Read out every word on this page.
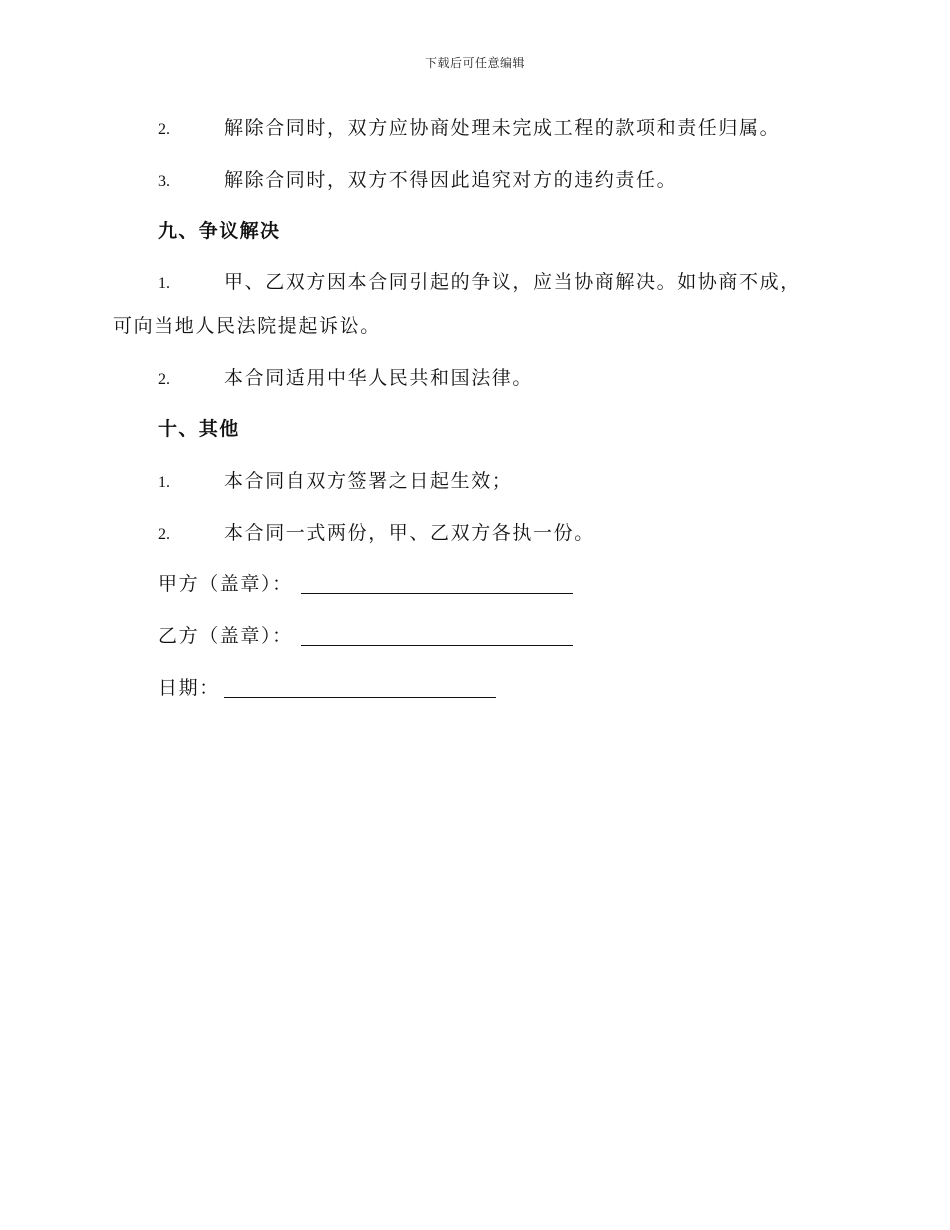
下载后可任意编辑
2.	解除合同时，双方应协商处理未完成工程的款项和责任归属。
3.	解除合同时，双方不得因此追究对方的违约责任。
九、争议解决
1.	甲、乙双方因本合同引起的争议，应当协商解决。如协商不成，
可向当地人民法院提起诉讼。
2.	本合同适用中华人民共和国法律。
十、其他
1.	本合同自双方签署之日起生效；
2.	本合同一式两份，甲、乙双方各执一份。
甲方（盖章）：
乙方（盖章）：
日期：
